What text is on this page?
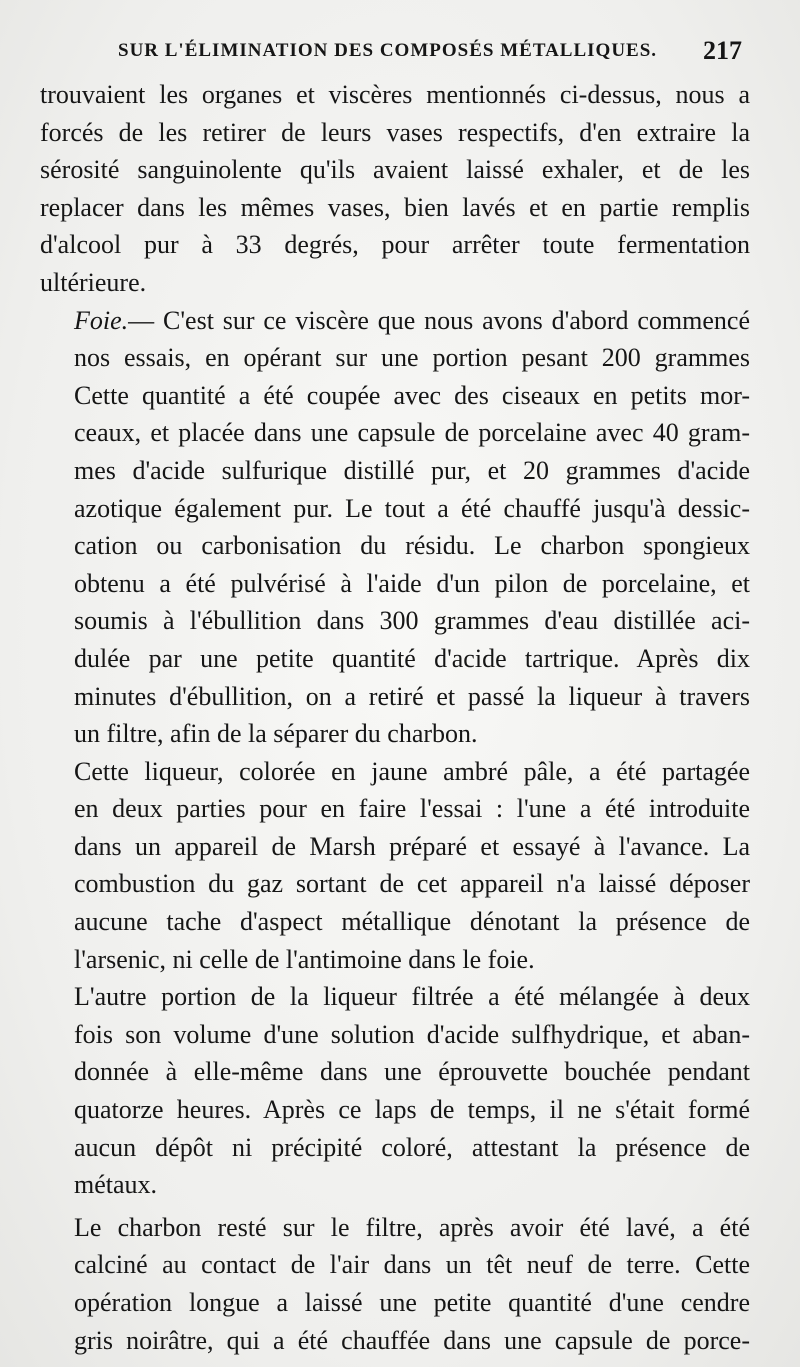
SUR L'ÉLIMINATION DES COMPOSÉS MÉTALLIQUES. 217

trouvaient les organes et viscères mentionnés ci-dessus, nous a
forcés de les retirer de leurs vases respectifs, d'en extraire la
sérosité sanguinolente qu'ils avaient laissé exhaler, et de les
replacer dans les mêmes vases, bien lavés et en partie remplis
d'alcool pur à 33 degrés, pour arrêter toute fermentation
ultérieure.

Foie.— C'est sur ce viscère que nous avons d'abord commencé
nos essais, en opérant sur une portion pesant 200 grammes
Cette quantité a été coupée avec des ciseaux en petits mor-
ceaux, et placée dans une capsule de porcelaine avec 40 gram-
mes d'acide sulfurique distillé pur, et 20 grammes d'acide
azotique également pur. Le tout a été chauffé jusqu'à dessic-
cation ou carbonisation du résidu. Le charbon spongieux
obtenu a été pulvérisé à l'aide d'un pilon de porcelaine, et
soumis à l'ébullition dans 300 grammes d'eau distillée aci-
dulée par une petite quantité d'acide tartrique. Après dix
minutes d'ébullition, on a retiré et passé la liqueur à travers
un filtre, afin de la séparer du charbon.

Cette liqueur, colorée en jaune ambré pâle, a été partagée
en deux parties pour en faire l'essai : l'une a été introduite
dans un appareil de Marsh préparé et essayé à l'avance. La
combustion du gaz sortant de cet appareil n'a laissé déposer
aucune tache d'aspect métallique dénotant la présence de
l'arsenic, ni celle de l'antimoine dans le foie.

L'autre portion de la liqueur filtrée a été mélangée à deux
fois son volume d'une solution d'acide sulfhydrique, et aban-
donnée à elle-même dans une éprouvette bouchée pendant
quatorze heures. Après ce laps de temps, il ne s'était formé
aucun dépôt ni précipité coloré, attestant la présence de
métaux.

Le charbon resté sur le filtre, après avoir été lavé, a été
calciné au contact de l'air dans un têt neuf de terre. Cette
opération longue a laissé une petite quantité d'une cendre
gris noirâtre, qui a été chauffée dans une capsule de porce-
